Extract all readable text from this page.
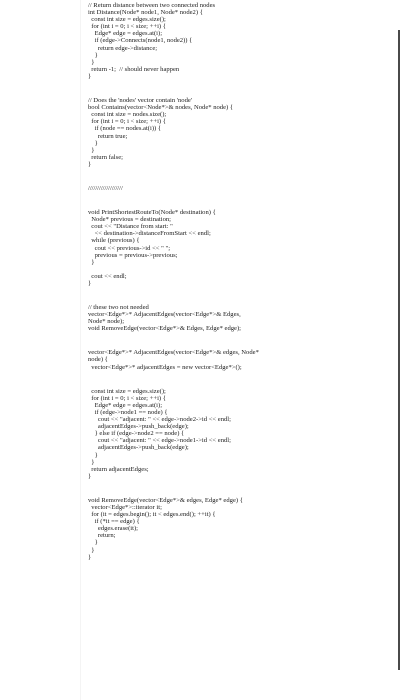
// Return distance between two connected nodes
int Distance(Node* node1, Node* node2) {
const int size = edges.size();
for (int i = 0; i < size; ++i) {
Edge* edge = edges.at(i);
if (edge->Connects(node1, node2)) {
return edge->distance;
}
}
return -1;  // should never happen
}
// Does the 'nodes' vector contain 'node'
bool Contains(vector<Node*>& nodes, Node* node) {
const int size = nodes.size();
for (int i = 0; i < size; ++i) {
if (node == nodes.at(i)) {
return true;
}
}
return false;
}
///////////////////
void PrintShortestRouteTo(Node* destination) {
Node* previous = destination;
cout << "Distance from start: "
<< destination->distanceFromStart << endl;
while (previous) {
cout << previous->id << " ";
previous = previous->previous;
}
cout << endl;
}
// these two not needed
vector<Edge*>* AdjacentEdges(vector<Edge*>& Edges,
Node* node);
void RemoveEdge(vector<Edge*>& Edges, Edge* edge);
vector<Edge*>* AdjacentEdges(vector<Edge*>& edges, Node*
node) {
vector<Edge*>* adjacentEdges = new vector<Edge*>();
const int size = edges.size();
for (int i = 0; i < size; ++i) {
Edge* edge = edges.at(i);
if (edge->node1 == node) {
cout << "adjacent: " << edge->node2->id << endl;
adjacentEdges->push_back(edge);
} else if (edge->node2 == node) {
cout << "adjacent: " << edge->node1->id << endl;
adjacentEdges->push_back(edge);
}
}
return adjacentEdges;
}
void RemoveEdge(vector<Edge*>& edges, Edge* edge) {
vector<Edge*>::iterator it;
for (it = edges.begin(); it < edges.end(); ++it) {
if (*it == edge) {
edges.erase(it);
return;
}
}
}
